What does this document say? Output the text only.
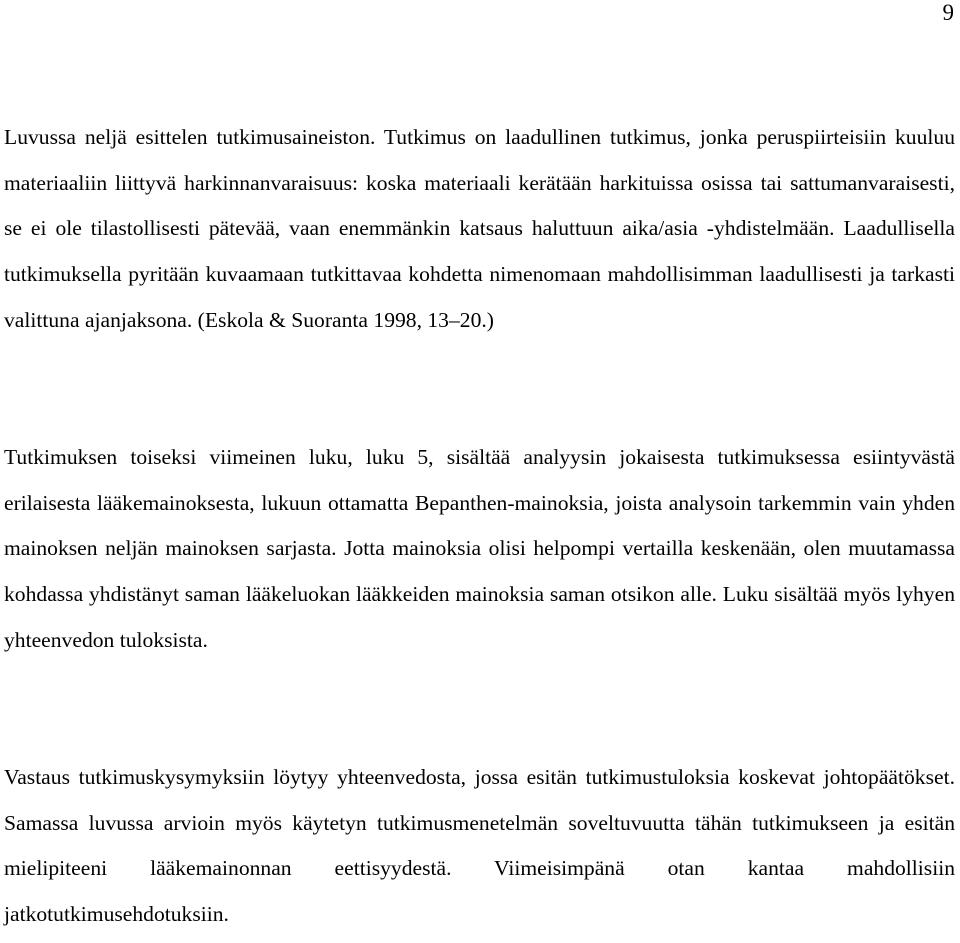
9

Luvussa neljä esittelen tutkimusaineiston. Tutkimus on laadullinen tutkimus, jonka peruspiirteisiin kuuluu materiaaliin liittyvä harkinnanvaraisuus: koska materiaali kerätään harkituissa osissa tai sattumanvaraisesti, se ei ole tilastollisesti pätevää, vaan enemmänkin katsaus haluttuun aika/asia -yhdistelmään. Laadullisella tutkimuksella pyritään kuvaamaan tutkittavaa kohdetta nimenomaan mahdollisimman laadullisesti ja tarkasti valittuna ajanjaksona. (Eskola & Suoranta 1998, 13–20.)

Tutkimuksen toiseksi viimeinen luku, luku 5, sisältää analyysin jokaisesta tutkimuksessa esiintyvästä erilaisesta lääkemainoksesta, lukuun ottamatta Bepanthen-mainoksia, joista analysoin tarkemmin vain yhden mainoksen neljän mainoksen sarjasta. Jotta mainoksia olisi helpompi vertailla keskenään, olen muutamassa kohdassa yhdistänyt saman lääkeluokan lääkkeiden mainoksia saman otsikon alle. Luku sisältää myös lyhyen yhteenvedon tuloksista.

Vastaus tutkimuskysymyksiin löytyy yhteenvedosta, jossa esitän tutkimustuloksia koskevat johtopäätökset. Samassa luvussa arvioin myös käytetyn tutkimusmenetelmän soveltuvuutta tähän tutkimukseen ja esitän mielipiteeni lääkemainonnan eettisyydestä. Viimeisimpänä otan kantaa mahdollisiin jatkotutkimusehdotuksiin.
